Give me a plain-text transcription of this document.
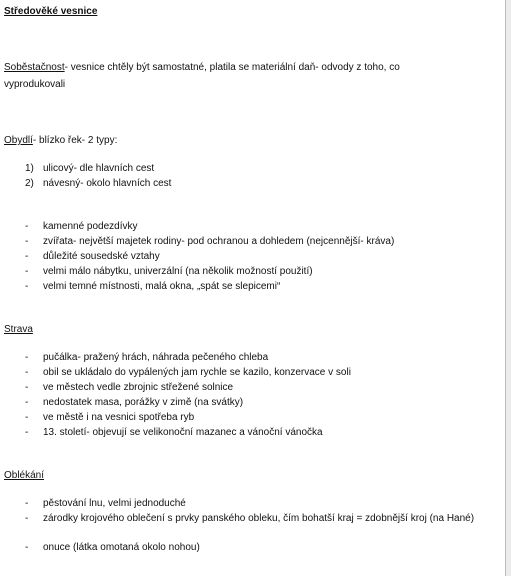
Středověké vesnice
Soběstačnost- vesnice chtěly být samostatné, platila se materiální daň- odvody z toho, co
vyprodukovali
Obydlí- blízko řek- 2 typy:
1) ulicový- dle hlavních cest
2) návesný- okolo hlavních cest
- kamenné podezdívky
- zvířata- největší majetek rodiny- pod ochranou a dohledem (nejcennější- kráva)
- důležité sousedské vztahy
- velmi málo nábytku, univerzální (na několik možností použití)
- velmi temné místnosti, malá okna, „spát se slepicemi“
Strava
- pučálka- pražený hrách, náhrada pečeného chleba
- obil se ukládalo do vypálených jam rychle se kazilo, konzervace v soli
- ve městech vedle zbrojnic střežené solnice
- nedostatek masa, porážky v zimě (na svátky)
- ve městě i na vesnici spotřeba ryb
- 13. století- objevují se velikonoční mazanec a vánoční vánočka
Oblékání
- pěstování lnu, velmi jednoduché
- zárodky krojového oblečení s prvky panského obleku, čím bohatší kraj = zdobnější kroj (na Hané)
- onuce (látka omotaná okolo nohou)
